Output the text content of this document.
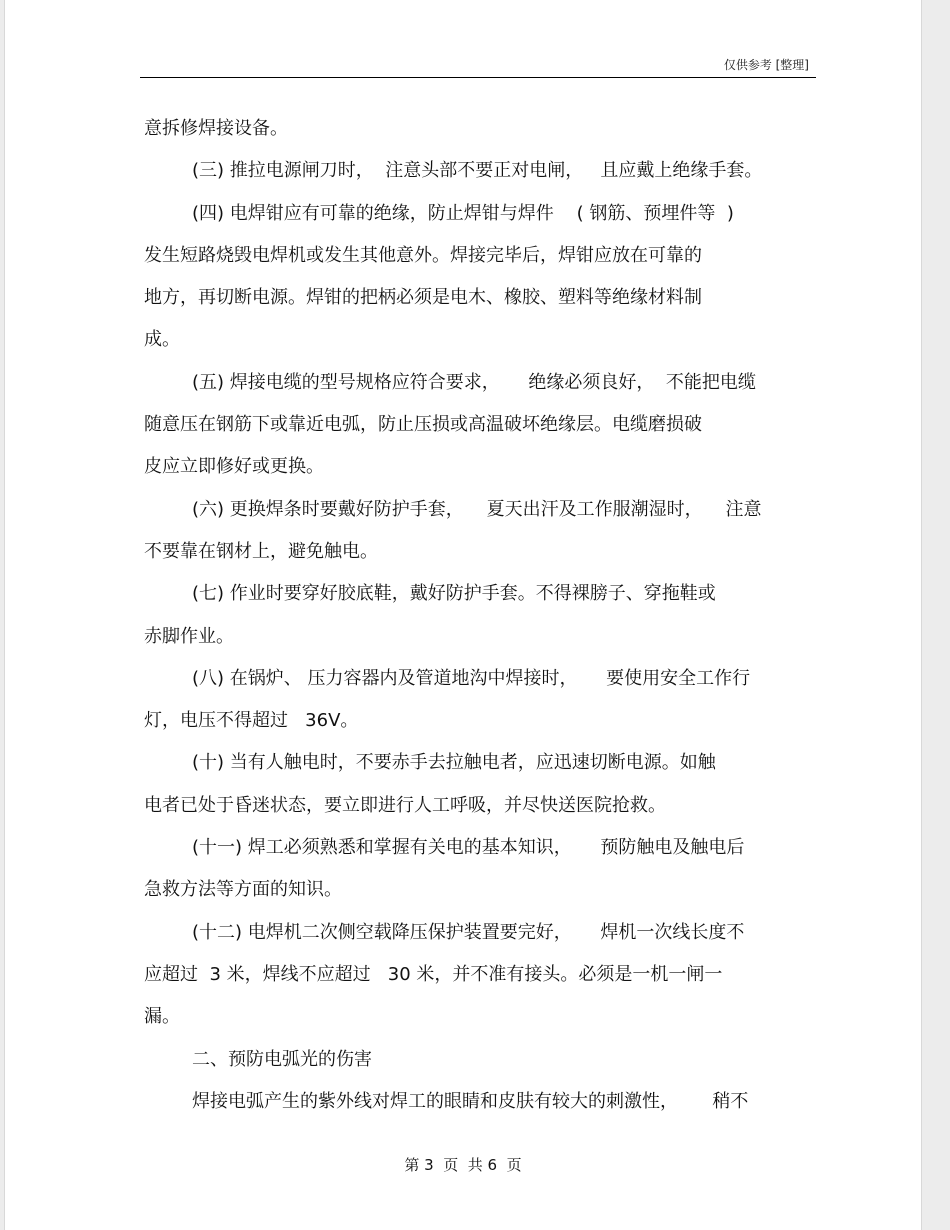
仅供参考 [整理]
意拆修焊接设备。
(三) 推拉电源闸刀时，  注意头部不要正对电闸，   且应戴上绝缘手套。
(四) 电焊钳应有可靠的绝缘，防止焊钳与焊件    ( 钢筋、预埋件等  )
发生短路烧毁电焊机或发生其他意外。焊接完毕后，焊钳应放在可靠的
地方，再切断电源。焊钳的把柄必须是电木、橡胶、塑料等绝缘材料制
成。
(五) 焊接电缆的型号规格应符合要求，     绝缘必须良好，  不能把电缆
随意压在钢筋下或靠近电弧，防止压损或高温破坏绝缘层。电缆磨损破
皮应立即修好或更换。
(六) 更换焊条时要戴好防护手套，    夏天出汗及工作服潮湿时，    注意
不要靠在钢材上，避免触电。
(七) 作业时要穿好胶底鞋，戴好防护手套。不得裸膀子、穿拖鞋或
赤脚作业。
(八) 在锅炉、 压力容器内及管道地沟中焊接时，     要使用安全工作行
灯，电压不得超过   36V。
(十) 当有人触电时，不要赤手去拉触电者，应迅速切断电源。如触
电者已处于昏迷状态，要立即进行人工呼吸，并尽快送医院抢救。
(十一) 焊工必须熟悉和掌握有关电的基本知识，     预防触电及触电后
急救方法等方面的知识。
(十二) 电焊机二次侧空载降压保护装置要完好，     焊机一次线长度不
应超过  3 米，焊线不应超过   30 米，并不准有接头。必须是一机一闸一
漏。
二、预防电弧光的伤害
焊接电弧产生的紫外线对焊工的眼睛和皮肤有较大的刺激性，      稍不
第 3  页  共 6  页
